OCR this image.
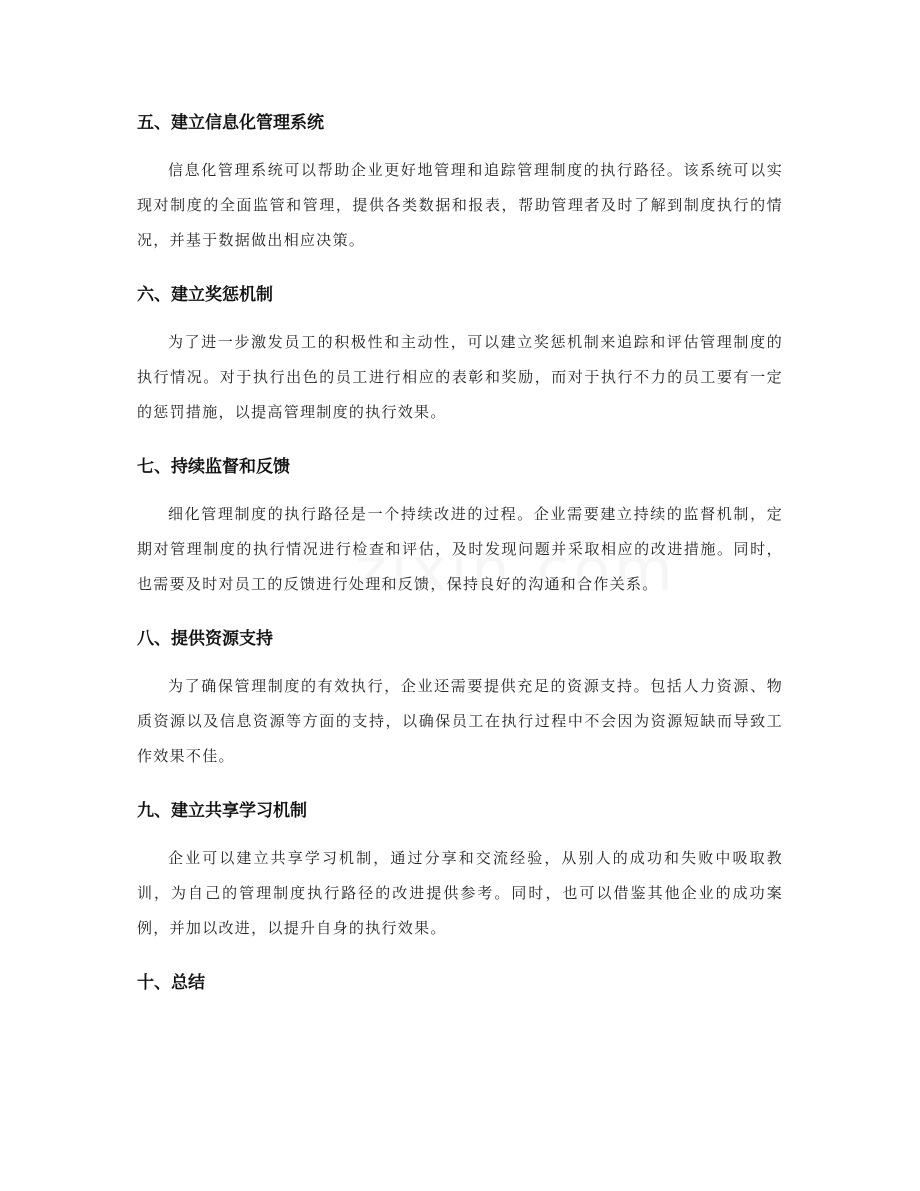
五、建立信息化管理系统

信息化管理系统可以帮助企业更好地管理和追踪管理制度的执行路径。该系统可以实现对制度的全面监管和管理，提供各类数据和报表，帮助管理者及时了解到制度执行的情况，并基于数据做出相应决策。

六、建立奖惩机制

为了进一步激发员工的积极性和主动性，可以建立奖惩机制来追踪和评估管理制度的执行情况。对于执行出色的员工进行相应的表彰和奖励，而对于执行不力的员工要有一定的惩罚措施，以提高管理制度的执行效果。

七、持续监督和反馈

细化管理制度的执行路径是一个持续改进的过程。企业需要建立持续的监督机制，定期对管理制度的执行情况进行检查和评估，及时发现问题并采取相应的改进措施。同时，也需要及时对员工的反馈进行处理和反馈，保持良好的沟通和合作关系。

八、提供资源支持

为了确保管理制度的有效执行，企业还需要提供充足的资源支持。包括人力资源、物质资源以及信息资源等方面的支持，以确保员工在执行过程中不会因为资源短缺而导致工作效果不佳。

九、建立共享学习机制

企业可以建立共享学习机制，通过分享和交流经验，从别人的成功和失败中吸取教训，为自己的管理制度执行路径的改进提供参考。同时，也可以借鉴其他企业的成功案例，并加以改进，以提升自身的执行效果。

十、总结
